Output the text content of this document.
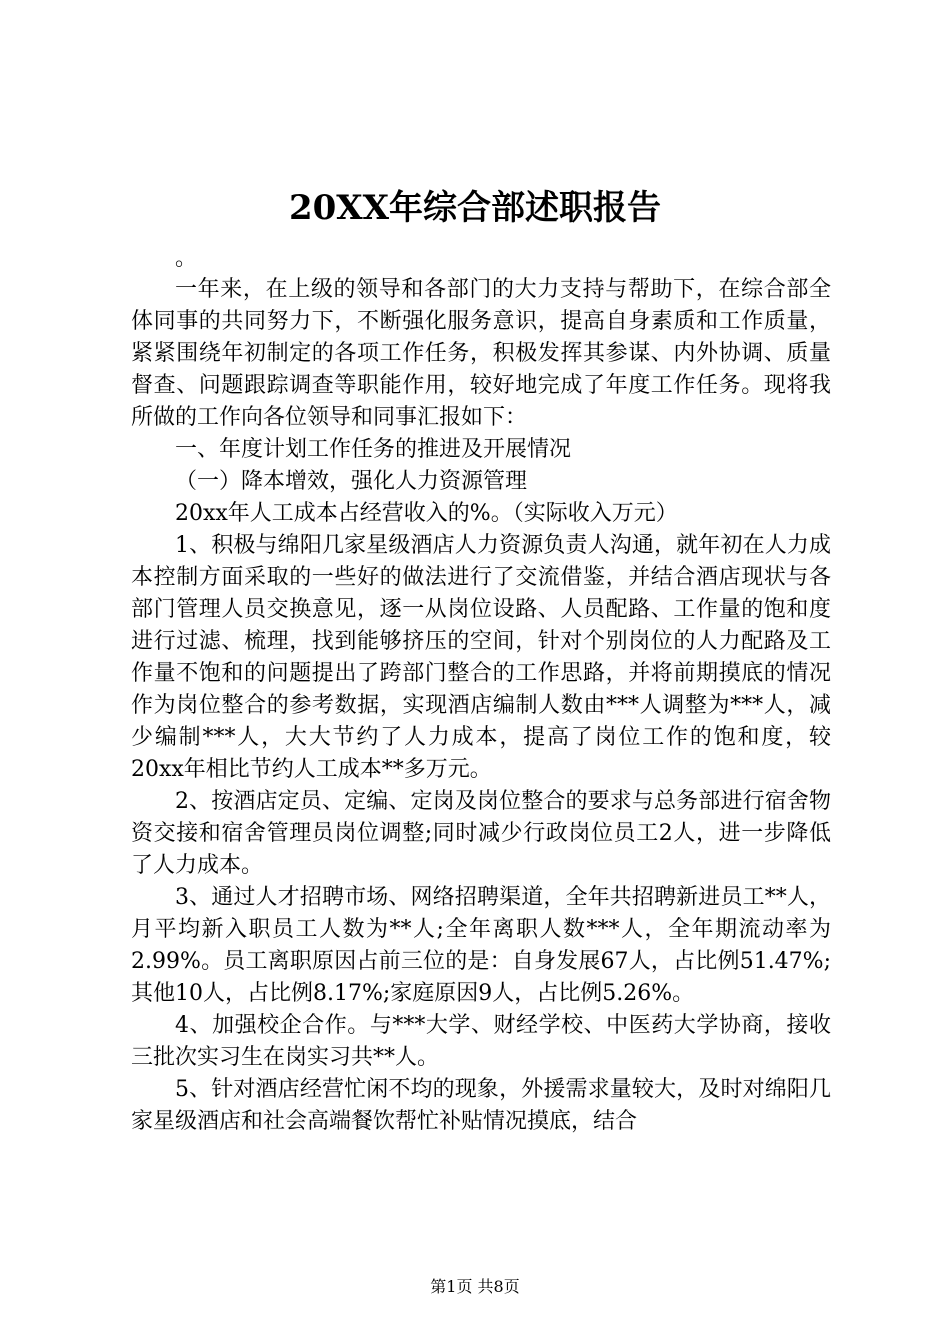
20XX年综合部述职报告

。

一年来，在上级的领导和各部门的大力支持与帮助下，在综合部全体同事的共同努力下，不断强化服务意识，提高自身素质和工作质量，紧紧围绕年初制定的各项工作任务，积极发挥其参谋、内外协调、质量督查、问题跟踪调查等职能作用，较好地完成了年度工作任务。现将我所做的工作向各位领导和同事汇报如下：

一、年度计划工作任务的推进及开展情况

（一）降本增效，强化人力资源管理

20xx年人工成本占经营收入的%。（实际收入万元）

1、积极与绵阳几家星级酒店人力资源负责人沟通，就年初在人力成本控制方面采取的一些好的做法进行了交流借鉴，并结合酒店现状与各部门管理人员交换意见，逐一从岗位设路、人员配路、工作量的饱和度进行过滤、梳理，找到能够挤压的空间，针对个别岗位的人力配路及工作量不饱和的问题提出了跨部门整合的工作思路，并将前期摸底的情况作为岗位整合的参考数据，实现酒店编制人数由***人调整为***人，减少编制***人，大大节约了人力成本，提高了岗位工作的饱和度，较20xx年相比节约人工成本**多万元。

2、按酒店定员、定编、定岗及岗位整合的要求与总务部进行宿舍物资交接和宿舍管理员岗位调整;同时减少行政岗位员工2人，进一步降低了人力成本。

3、通过人才招聘市场、网络招聘渠道，全年共招聘新进员工**人，月平均新入职员工人数为**人;全年离职人数***人，全年期流动率为2.99%。员工离职原因占前三位的是：自身发展67人，占比例51.47%;其他10人，占比例8.17%;家庭原因9人，占比例5.26%。

4、加强校企合作。与***大学、财经学校、中医药大学协商，接收三批次实习生在岗实习共**人。

5、针对酒店经营忙闲不均的现象，外援需求量较大，及时对绵阳几家星级酒店和社会高端餐饮帮忙补贴情况摸底，结合

第1页 共8页
